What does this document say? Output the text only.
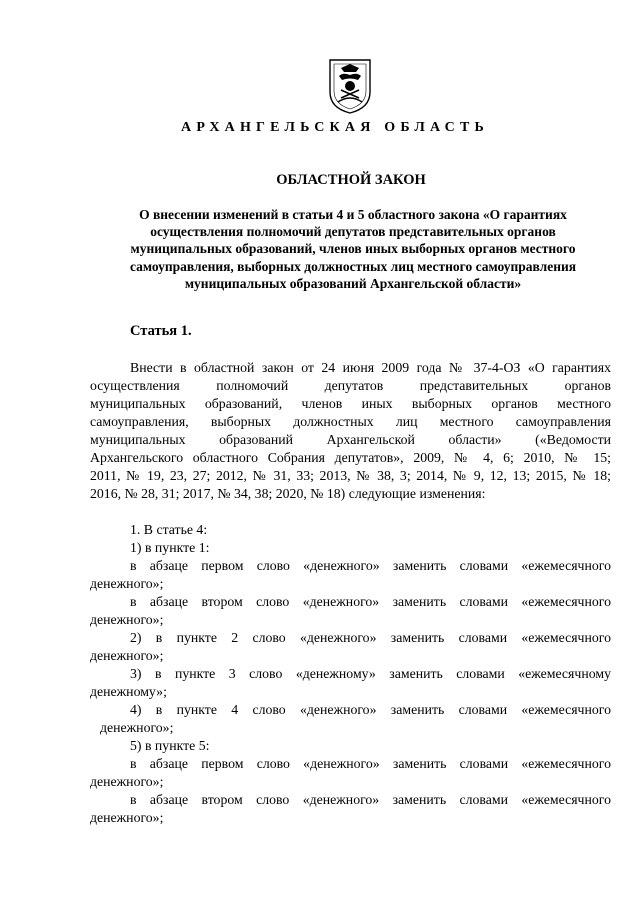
АРХАНГЕЛЬСКАЯ ОБЛАСТЬ
ОБЛАСТНОЙ ЗАКОН
О внесении изменений в статьи 4 и 5 областного закона «О гарантиях
осуществления полномочий депутатов представительных органов
муниципальных образований, членов иных выборных органов местного
самоуправления, выборных должностных лиц местного самоуправления
муниципальных образований Архангельской области»
Статья 1.
Внести в областной закон от 24 июня 2009 года № 37-4-ОЗ «О гарантиях
осуществления полномочий депутатов представительных органов
муниципальных образований, членов иных выборных органов местного
самоуправления, выборных должностных лиц местного самоуправления
муниципальных образований Архангельской области» («Ведомости
Архангельского областного Собрания депутатов», 2009, № 4, 6; 2010, № 15;
2011, № 19, 23, 27; 2012, № 31, 33; 2013, № 38, 3; 2014, № 9, 12, 13; 2015, № 18;
2016, № 28, 31; 2017, № 34, 38; 2020, № 18) следующие изменения:
1. В статье 4:
1) в пункте 1:
в абзаце первом слово «денежного» заменить словами «ежемесячного
денежного»;
в абзаце втором слово «денежного» заменить словами «ежемесячного
денежного»;
2) в пункте 2 слово «денежного» заменить словами «ежемесячного
денежного»;
3) в пункте 3 слово «денежному» заменить словами «ежемесячному
денежному»;
4) в пункте 4 слово «денежного» заменить словами «ежемесячного
денежного»;
5) в пункте 5:
в абзаце первом слово «денежного» заменить словами «ежемесячного
денежного»;
в абзаце втором слово «денежного» заменить словами «ежемесячного
денежного»;
